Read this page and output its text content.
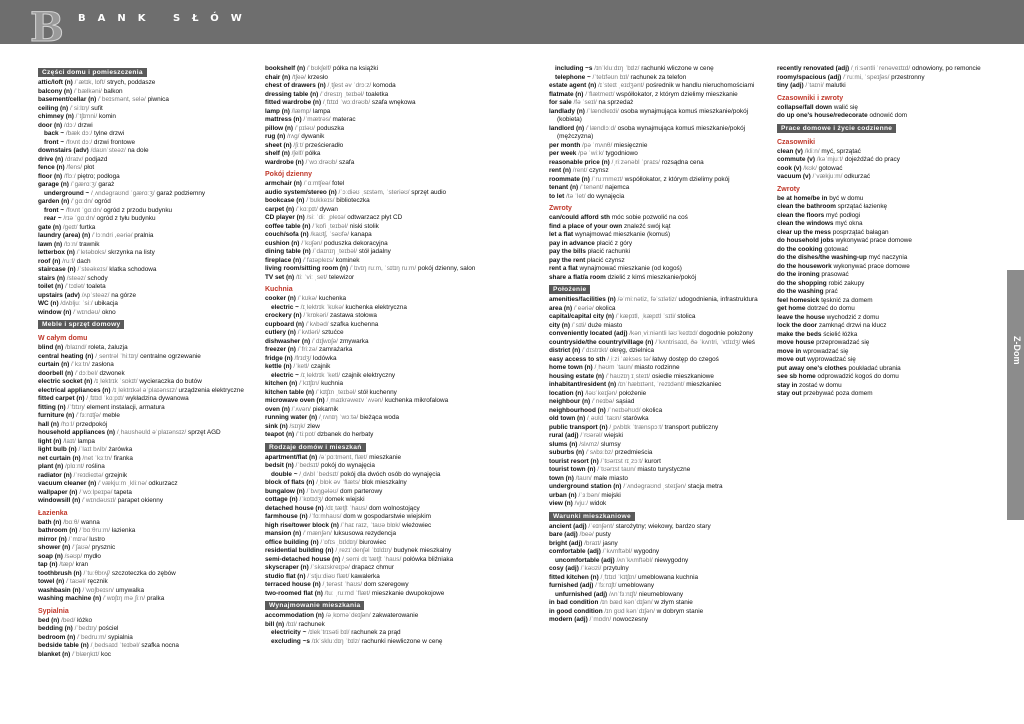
B BANK SŁÓW
Części domu i pomieszczenia
attic/loft (n) /ˈætɪk, lɒft/ strych, poddasze
balcony (n) /ˈbælkəni/ balkon
basement/cellar (n) /ˈbeɪsmənt, selə/ piwnica
ceiling (n) /ˈsiːlɪŋ/ sufit
chimney (n) /ˈtʃɪmni/ komin
door (n) /dɔː/ drzwi
back ~ /bæk dɔː/ tylne drzwi
front ~ /frʌnt dɔː/ drzwi frontowe
downstairs (adv) /daʊnˈsteəz/ na dole
drive (n) /draɪv/ podjazd
fence (n) /fens/ płot
floor (n) /flɔː/ piętro; podłoga
garage (n) /ˈgærɑːʒ/ garaż
underground ~ /ˌʌndəgraʊnd ˈgærɑːʒ/ garaż podziemny
garden (n) /ˈgɑːdn/ ogród
front ~ /frʌnt ˈgɑːdn/ ogród z przodu budynku
rear ~ /rɪə ˈgɑːdn/ ogród z tyłu budynku
gate (n) /geɪt/ furtka
laundry (area) (n) /ˈlɔːndri ,eəriə/ pralnia
lawn (n) /lɔːn/ trawnik
letterbox (n) /ˈletəbɒks/ skrzynka na listy
roof (n) /ruːf/ dach
staircase (n) /ˈsteəkeɪs/ klatka schodowa
stairs (n) /steəz/ schody
toilet (n) /ˈtɔɪlət/ toaleta
upstairs (adv) /ʌpˈsteəz/ na górze
WC (n) /dʌbljuː ˈsiː/ ubikacja
window (n) /ˈwɪndəʊ/ okno
Meble i sprzęt domowy
W całym domu
blind (n) /blaɪnd/ roleta, żaluzja
central heating (n) /ˌsentrəl ˈhiːtɪŋ/ centralne ogrzewanie
curtain (n) /ˈkɜːtn/ zasłona
doorbell (n) /ˈdɔːbel/ dzwonek
electric socket (n) /ɪˌlektrɪk ˈsɒkɪt/ wycieraczka do butów
electrical appliances (n) /ɪˌlektrɪkəl əˈplaɪənsɪz/ urządzenia elektryczne
fitted carpet (n) /ˌfɪtɪd ˈkɑːpɪt/ wykładzina dywanowa
fitting (n) /ˈfɪtɪŋ/ element instalacji, armatura
furniture (n) /ˈfɜːnɪtʃə/ meble
hall (n) /hɔːl/ przedpokój
household appliances (n) /ˌhaʊshəʊld əˈplaɪənsɪz/ sprzęt AGD
light (n) /laɪt/ lampa
light bulb (n) /ˈlaɪt bʌlb/ żarówka
net curtain (n) /net ˈkɜːtn/ firanka
plant (n) /plɑːnt/ roślina
radiator (n) /ˈreɪdieɪtə/ grzejnik
vacuum cleaner (n) /ˈvækjuːm ˌkliːnə/ odkurzacz
wallpaper (n) /ˈwɔːlpeɪpə/ tapeta
windowsill (n) /ˈwɪndəʊsɪl/ parapet okienny
Łazienka
bath (n) /bɑːθ/ wanna
bathroom (n) /ˈbɑːθruːm/ łazienka
mirror (n) /ˈmɪrə/ lustro
shower (n) /ˈʃaʊə/ prysznic
soap (n) /səʊp/ mydło
tap (n) /tæp/ kran
toothbrush (n) /ˈtuːθbrʌʃ/ szczoteczka do zębów
towel (n) /ˈtaʊəl/ ręcznik
washbasin (n) /ˈwɒʃbeɪsn/ umywalka
washing machine (n) /ˈwɒʃɪŋ məˌʃiːn/ pralka
Sypialnia
bed (n) /bed/ łóżko
bedding (n) /ˈbedɪŋ/ pościel
bedroom (n) /ˈbedruːm/ sypialnia
bedside table (n) /ˌbedsaɪd ˈteɪbəl/ szafka nocna
blanket (n) /ˈblæŋkɪt/ koc
bookshelf (n) /ˈbʊkʃelf/ półka na książki
chair (n) /tʃeə/ krzesło
chest of drawers (n) /ˌtʃest əv ˈdrɔːz/ komoda
dressing table (n) /ˈdresɪŋ ˌteɪbəl/ toaletka
fitted wardrobe (n) /ˌfɪtɪd ˈwɔːdrəʊb/ szafa wnękowa
lamp (n) /læmp/ lampa
mattress (n) /ˈmætrəs/ materac
pillow (n) /ˈpɪləʊ/ poduszka
rug (n) /rʌg/ dywanik
sheet (n) /ʃiːt/ prześcieradło
shelf (n) /ʃelf/ półka
wardrobe (n) /ˈwɔːdrəʊb/ szafa
Pokój dzienny
armchair (n) /ˈɑːmtʃeə/ fotel
audio system/stereo (n) /ˈɔːdiəʊ ˌsɪstəm, ˈsteriəʊ/ sprzęt audio
bookcase (n) /ˈbʊkkeɪs/ biblioteczka
carpet (n) /ˈkɑːpɪt/ dywan
CD player (n) /siː ˈdiː ˌpleɪə/ odtwarzacz płyt CD
coffee table (n) /ˈkɒfi ˌteɪbəl/ niski stolik
couch/sofa (n) /kaʊtʃ, ˈsəʊfə/ kanapa
cushion (n) /ˈkʊʃən/ poduszka dekoracyjna
dining table (n) /ˈdaɪnɪŋ ˌteɪbəl/ stół jadalny
fireplace (n) /ˈfaɪəpleɪs/ kominek
living room/sitting room (n) /ˈlɪvɪŋ ruːm, ˈsɪtɪŋ ruːm/ pokój dzienny, salon
TV set (n) /tiː ˈviː ˌset/ telewizor
Kuchnia
cooker (n) /ˈkʊkə/ kuchenka
electric ~ /ɪˌlektrɪk ˈkʊkə/ kuchenka elektryczna
crockery (n) /ˈkrɒkəri/ zastawa stołowa
cupboard (n) /ˈkʌbəd/ szafka kuchenna
cutlery (n) /ˈkʌtləri/ sztućce
dishwasher (n) /ˈdɪʃwɒʃə/ zmywarka
freezer (n) /ˈfriːzə/ zamrażarka
fridge (n) /frɪdʒ/ lodówka
kettle (n) /ˈketl/ czajnik
electric ~ /ɪˌlektrɪk ˈketl/ czajnik elektryczny
kitchen (n) /ˈkɪtʃɪn/ kuchnia
kitchen table (n) /ˈkɪtʃɪn ˌteɪbəl/ stół kuchenny
microwave oven (n) /ˌmaɪkrəweɪv ˈʌvən/ kuchenka mikrofalowa
oven (n) /ˈʌvən/ piekarnik
running water (n) /ˌrʌnɪŋ ˈwɔːtə/ bieżąca woda
sink (n) /sɪŋk/ zlew
teapot (n) /ˈtiːpɒt/ dzbanek do herbaty
Rodzaje domów i mieszkań
apartment/flat (n) /əˈpɑːtmənt, flæt/ mieszkanie
bedsit (n) /ˈbedsɪt/ pokój do wynajęcia
double ~ /ˌdʌbl ˈbedsɪt/ pokój dla dwóch osób do wynajęcia
block of flats (n) /ˌblɒk əv ˈflæts/ blok mieszkalny
bungalow (n) /ˈbʌŋgələʊ/ dom parterowy
cottage (n) /ˈkɒtɪdʒ/ domek wiejski
detached house (n) /dɪˌtætʃt ˈhaʊs/ dom wolnostojący
farmhouse (n) /ˈfɑːmhaʊs/ dom w gospodarstwie wiejskim
high rise/tower block (n) /ˈhaɪ raɪz, ˈtaʊə blɒk/ wieżowiec
mansion (n) /ˈmænʃən/ luksusowa rezydencja
office building (n) /ˈɒfɪs ˌbɪldɪŋ/ biurowiec
residential building (n) /ˌrezɪˈdenʃəl ˈbɪldɪŋ/ budynek mieszkalny
semi-detached house (n) /ˌsemi dɪˈtætʃt ˈhaʊs/ połówka bliźniaka
skyscraper (n) /ˈskaɪskreɪpə/ drapacz chmur
studio flat (n) /ˈstjuːdiəʊ flæt/ kawalerka
terraced house (n) /ˌterəst ˈhaʊs/ dom szeregowy
two-roomed flat (n) /tuː ˌruːmd ˈflæt/ mieszkanie dwupokojowe
Wynajmowanie mieszkania
accommodation (n) /əˌkɒməˈdeɪʃən/ zakwaterowanie
bill (n) /bɪl/ rachunek
electricity ~ /ɪlekˈtrɪsəti bɪl/ rachunek za prąd
excluding ~s /ɪkˈskluːdɪŋ ˈbɪlz/ rachunki niewliczone w cenę
including ~s /ɪnˈkluːdɪŋ ˈbɪlz/ rachunki wliczone w cenę
telephone ~ /ˈtelɪfəʊn bɪl/ rachunek za telefon
estate agent (n) /ɪˈsteɪt ˌeɪdʒənt/ pośrednik w handlu nieruchomościami
flatmate (n) /ˈflætmeɪt/ współlokator, z którym dzielimy mieszkanie
for sale /fə ˈseɪl/ na sprzedaż
landlady (n) /ˈlændleɪdi/ osoba wynajmująca komuś mieszkanie/pokój (kobieta)
landlord (n) /ˈlændlɔːd/ osoba wynajmująca komuś mieszkanie/pokój (mężczyzna)
per month /pə ˈmʌnθ/ miesięcznie
per week /pə ˈwiːk/ tygodniowo
reasonable price (n) /ˌriːzənəbl ˈpraɪs/ rozsądna cena
rent (n) /rent/ czynsz
roommate (n) /ˈruːmmeɪt/ współlokator, z którym dzielimy pokój
tenant (n) /ˈtenənt/ najemca
to let /tə ˈlet/ do wynajęcia
Zwroty
can/could afford sth móc sobie pozwolić na coś
find a place of your own znaleźć swój kąt
let a flat wynajmować mieszkanie (komuś)
pay in advance płacić z góry
pay the bills płacić rachunki
pay the rent płacić czynsz
rent a flat wynajmować mieszkanie (od kogoś)
share a flat/a room dzielić z kimś mieszkanie/pokój
Położenie
amenities/facilities (n) /əˈmiːnətiz, fəˈsɪlətiz/ udogodnienia, infrastruktura
area (n) /ˈeəriə/ okolica
capital/capital city (n) /ˈkæpɪtl, ˌkæpɪtl ˈsɪti/ stolica
city (n) /ˈsɪti/ duże miasto
conveniently located (adj) /kənˌviːniəntli ləʊˈkeɪtɪd/ dogodnie położony
countryside/the country/village (n) /ˈkʌntrisaɪd, ðə ˈkʌntri, ˈvɪlɪdʒ/ wieś
district (n) /ˈdɪstrɪkt/ okręg, dzielnica
easy access to sth /ˌiːzi ˈækses tə/ łatwy dostęp do czegoś
home town (n) /ˌhəʊm ˈtaʊn/ miasto rodzinne
housing estate (n) /ˈhaʊzɪŋ ɪˌsteɪt/ osiedle mieszkaniowe
inhabitant/resident (n) /ɪnˈhæbɪtənt, ˈrezɪdənt/ mieszkaniec
location (n) /ləʊˈkeɪʃən/ położenie
neighbour (n) /ˈneɪbə/ sąsiad
neighbourhood (n) /ˈneɪbəhʊd/ okolica
old town (n) /ˌəʊld ˈtaʊn/ starówka
public transport (n) /ˌpʌblɪk ˈtrænspɔːt/ transport publiczny
rural (adj) /ˈrʊərəl/ wiejski
slums (n) /slʌmz/ slumsy
suburbs (n) /ˈsʌbɜːbz/ przedmieścia
tourist resort (n) /ˈtʊərɪst rɪˌzɔːt/ kurort
tourist town (n) /ˈtʊərɪst taʊn/ miasto turystyczne
town (n) /taʊn/ małe miasto
underground station (n) /ˈʌndəgraʊnd ˌsteɪʃən/ stacja metra
urban (n) /ˈɜːbən/ miejski
view (n) /vjuː/ widok
Warunki mieszkaniowe
ancient (adj) /ˈeɪnʃənt/ starożytny; wiekowy, bardzo stary
bare (adj) /beə/ pusty
bright (adj) /braɪt/ jasny
comfortable (adj) /ˈkʌmftəbl/ wygodny
uncomfortable (adj) /ʌnˈkʌmftəbl/ niewygodny
cosy (adj) /ˈkəʊzi/ przytulny
fitted kitchen (n) /ˌfɪtɪd ˈkɪtʃɪn/ umeblowana kuchnia
furnished (adj) /ˈfɜːnɪʃt/ umeblowany
unfurnished (adj) /ʌnˈfɜːnɪʃt/ nieumeblowany
in bad condition /ɪn bæd kənˈdɪʃən/ w złym stanie
in good condition /ɪn gʊd kənˈdɪʃən/ w dobrym stanie
modern (adj) /ˈmɒdn/ nowoczesny
recently renovated (adj) /ˌriːsəntli ˈrenəveɪtɪd/ odnowiony, po remoncie
roomy/spacious (adj) /ˈruːmi, ˈspeɪʃəs/ przestronny
tiny (adj) /ˈtaɪni/ malutki
Czasowniki i zwroty
collapse/fall down walić się
do up one's house/redecorate odnowić dom
Prace domowe i życie codzienne
Czasowniki
clean (v) /kliːn/ myć, sprzątać
commute (v) /kəˈmjuːt/ dojeżdżać do pracy
cook (v) /kʊk/ gotować
vacuum (v) /ˈvækjuːm/ odkurzać
Zwroty
be at home/be in być w domu
clean the bathroom sprzątać łazienkę
clean the floors myć podłogi
clean the windows myć okna
clear up the mess posprzątać bałagan
do household jobs wykonywać prace domowe
do the cooking gotować
do the dishes/the washing-up myć naczynia
do the housework wykonywać prace domowe
do the ironing prasować
do the shopping robić zakupy
do the washing prać
feel homesick tęsknić za domem
get home dotrzeć do domu
leave the house wychodzić z domu
lock the door zamknąć drzwi na klucz
make the beds ścielić łóżka
move house przeprowadzać się
move in wprowadzać się
move out wyprowadzać się
put away one's clothes poukładać ubrania
see sb home odprowadzić kogoś do domu
stay in zostać w domu
stay out przebywać poza domem
Z-Dom
